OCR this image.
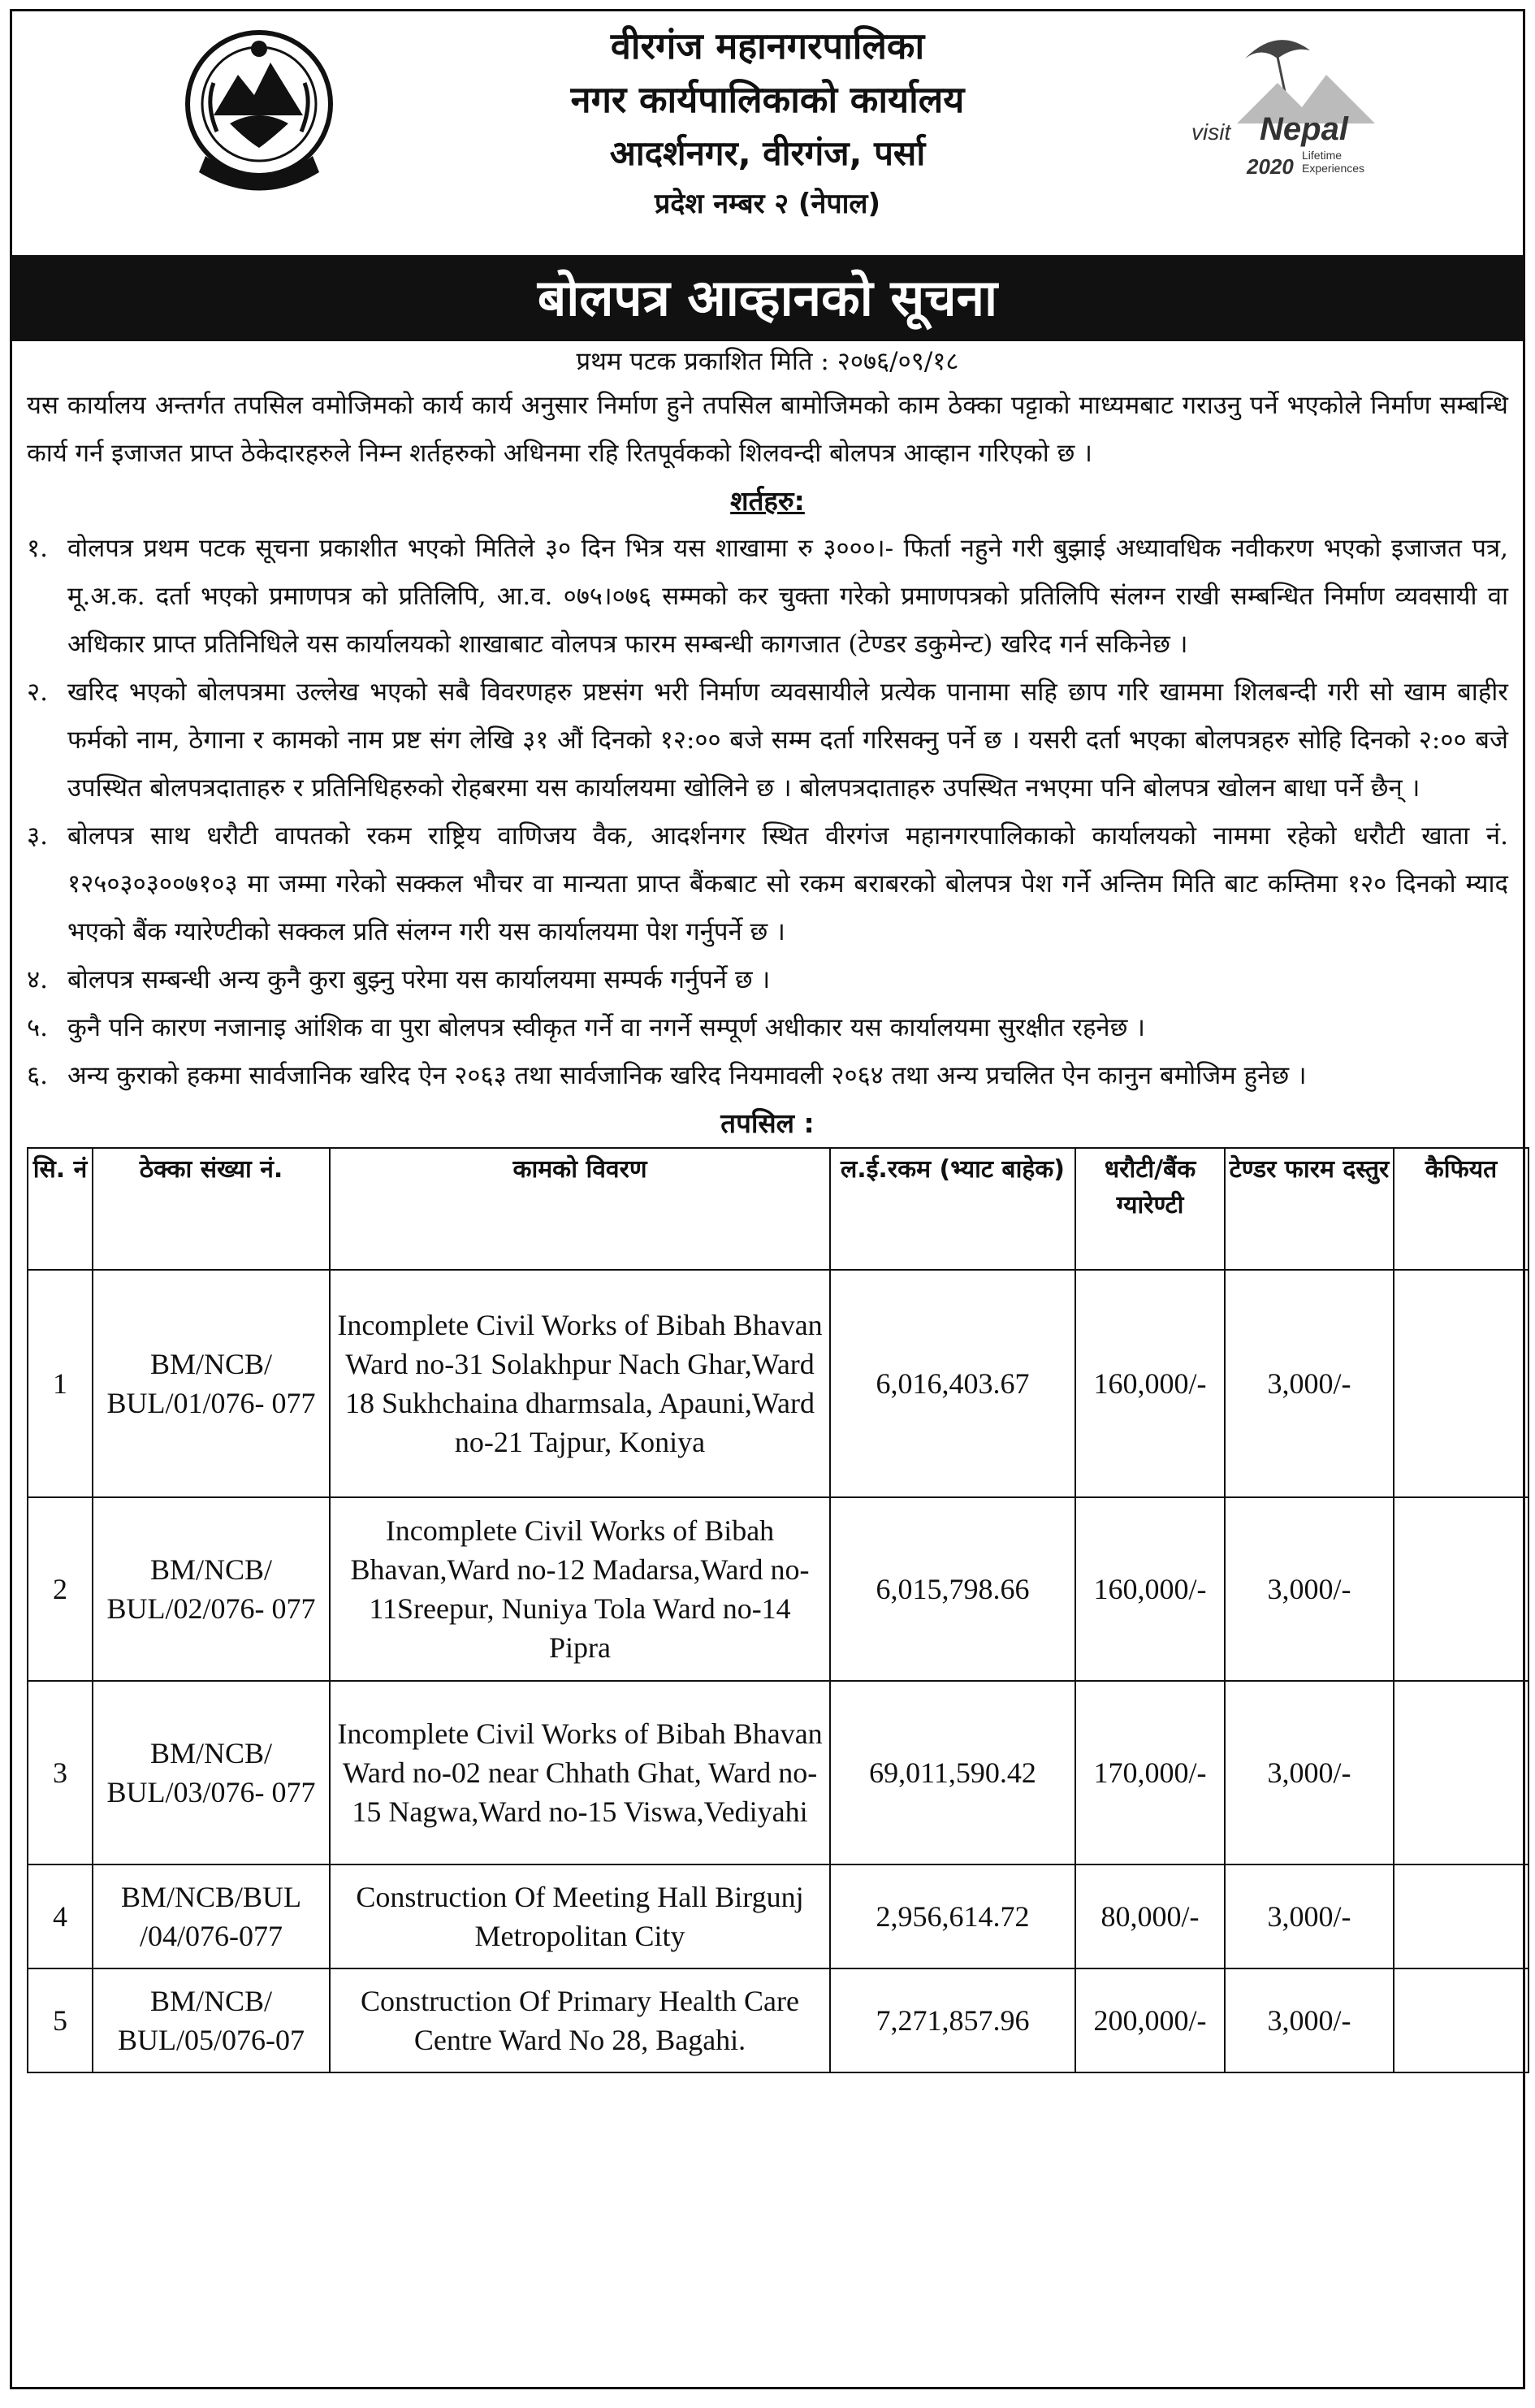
वीरगंज महानगरपालिका
नगर कार्यपालिकाको कार्यालय
आदर्शनगर, वीरगंज, पर्सा
प्रदेश नम्बर २ (नेपाल)
visit Nepal
2020 Lifetime
Experiences
बोलपत्र आव्हानको सूचना
प्रथम पटक प्रकाशित मिति : २०७६/०९/१८

यस कार्यालय अन्तर्गत तपसिल वमोजिमको कार्य कार्य अनुसार निर्माण हुने तपसिल बामोजिमको काम ठेक्का पट्टाको माध्यमबाट गराउनु पर्ने भएकोले निर्माण सम्बन्धि कार्य गर्न इजाजत प्राप्त ठेकेदारहरुले निम्न शर्तहरुको अधिनमा रहि रितपूर्वकको शिलवन्दी बोलपत्र आव्हान गरिएको छ ।

शर्तहरु:
१. वोलपत्र प्रथम पटक सूचना प्रकाशीत भएको मितिले ३० दिन भित्र यस शाखामा रु ३०००।- फिर्ता नहुने गरी बुझाई अध्यावधिक नवीकरण भएको इजाजत पत्र, मू.अ.क. दर्ता भएको प्रमाणपत्र को प्रतिलिपि, आ.व. ०७५।०७६ सम्मको कर चुक्ता गरेको प्रमाणपत्रको प्रतिलिपि संलग्न राखी सम्बन्धित निर्माण व्यवसायी वा अधिकार प्राप्त प्रतिनिधिले यस कार्यालयको शाखाबाट वोलपत्र फारम सम्बन्धी कागजात (टेण्डर डकुमेन्ट) खरिद गर्न सकिनेछ ।
२. खरिद भएको बोलपत्रमा उल्लेख भएको सबै विवरणहरु प्रष्टसंग भरी निर्माण व्यवसायीले प्रत्येक पानामा सहि छाप गरि खाममा शिलबन्दी गरी सो खाम बाहीर फर्मको नाम, ठेगाना र कामको नाम प्रष्ट संग लेखि ३१ औं दिनको १२:०० बजे सम्म दर्ता गरिसक्नु पर्ने छ । यसरी दर्ता भएका बोलपत्रहरु सोहि दिनको २:०० बजे उपस्थित बोलपत्रदाताहरु र प्रतिनिधिहरुको रोहबरमा यस कार्यालयमा खोलिने छ । बोलपत्रदाताहरु उपस्थित नभएमा पनि बोलपत्र खोलन बाधा पर्ने छैन् ।
३. बोलपत्र साथ धरौटी वापतको रकम राष्ट्रिय वाणिजय वैक, आदर्शनगर स्थित वीरगंज महानगरपालिकाको कार्यालयको नाममा रहेको धरौटी खाता नं. १२५०३०३००७१०३ मा जम्मा गरेको सक्कल भौचर वा मान्यता प्राप्त बैंकबाट सो रकम बराबरको बोलपत्र पेश गर्ने अन्तिम मिति बाट कम्तिमा १२० दिनको म्याद भएको बैंक ग्यारेण्टीको सक्कल प्रति संलग्न गरी यस कार्यालयमा पेश गर्नुपर्ने छ ।
४. बोलपत्र सम्बन्धी अन्य कुनै कुरा बुझ्नु परेमा यस कार्यालयमा सम्पर्क गर्नुपर्ने छ ।
५. कुनै पनि कारण नजानाइ आंशिक वा पुरा बोलपत्र स्वीकृत गर्ने वा नगर्ने सम्पूर्ण अधीकार यस कार्यालयमा सुरक्षीत रहनेछ ।
६. अन्य कुराको हकमा सार्वजानिक खरिद ऐन २०६३ तथा सार्वजानिक खरिद नियमावली २०६४ तथा अन्य प्रचलित ऐन कानुन बमोजिम हुनेछ ।
तपसिल :
सि. नं	ठेक्का संख्या नं.	कामको विवरण	ल.ई.रकम (भ्याट बाहेक)	धरौटी/बैंक ग्यारेण्टी	टेण्डर फारम दस्तुर	कैफियत
1	BM/NCB/ BUL/01/076- 077	Incomplete Civil Works of Bibah Bhavan Ward no-31 Solakhpur Nach Ghar,Ward 18 Sukhchaina dharmsala, Apauni,Ward no-21 Tajpur, Koniya	6,016,403.67	160,000/-	3,000/-	
2	BM/NCB/ BUL/02/076- 077	Incomplete Civil Works of Bibah Bhavan,Ward no-12 Madarsa,Ward no-11Sreepur, Nuniya Tola Ward no-14 Pipra	6,015,798.66	160,000/-	3,000/-	
3	BM/NCB/ BUL/03/076- 077	Incomplete Civil Works of Bibah Bhavan Ward no-02 near Chhath Ghat, Ward no-15 Nagwa,Ward no-15 Viswa,Vediyahi	69,011,590.42	170,000/-	3,000/-	
4	BM/NCB/BUL /04/076-077	Construction Of Meeting Hall Birgunj Metropolitan City	2,956,614.72	80,000/-	3,000/-	
5	BM/NCB/ BUL/05/076-07	Construction Of Primary Health Care Centre Ward No 28, Bagahi.	7,271,857.96	200,000/-	3,000/-	
